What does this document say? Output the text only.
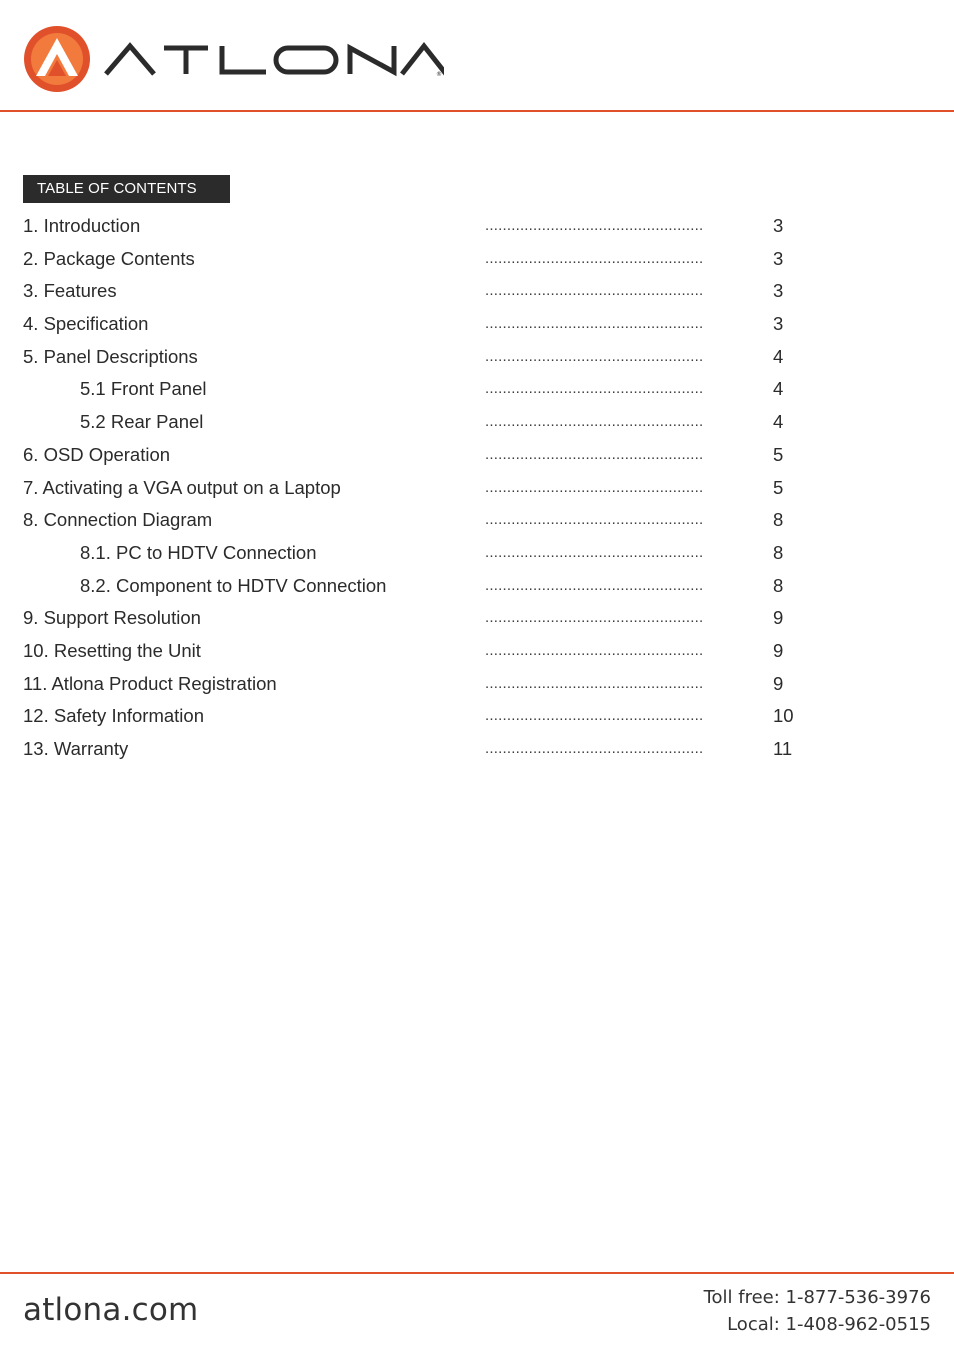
®
TABLE OF CONTENTS
1. Introduction	..................................................	3
2. Package Contents	..................................................	3
3. Features	..................................................	3
4. Specification	..................................................	3
5. Panel Descriptions	..................................................	4
5.1 Front Panel	..................................................	4
5.2 Rear Panel	..................................................	4
6. OSD Operation	..................................................	5
7. Activating a VGA output on a Laptop	..................................................	5
8. Connection Diagram	..................................................	8
8.1. PC to HDTV Connection	..................................................	8
8.2. Component to HDTV Connection	..................................................	8
9. Support Resolution	..................................................	9
10. Resetting the Unit	..................................................	9
11. Atlona Product Registration	..................................................	9
12. Safety Information	..................................................	10
13. Warranty	..................................................	11
atlona.com	Toll free: 1-877-536-3976
Local: 1-408-962-0515
